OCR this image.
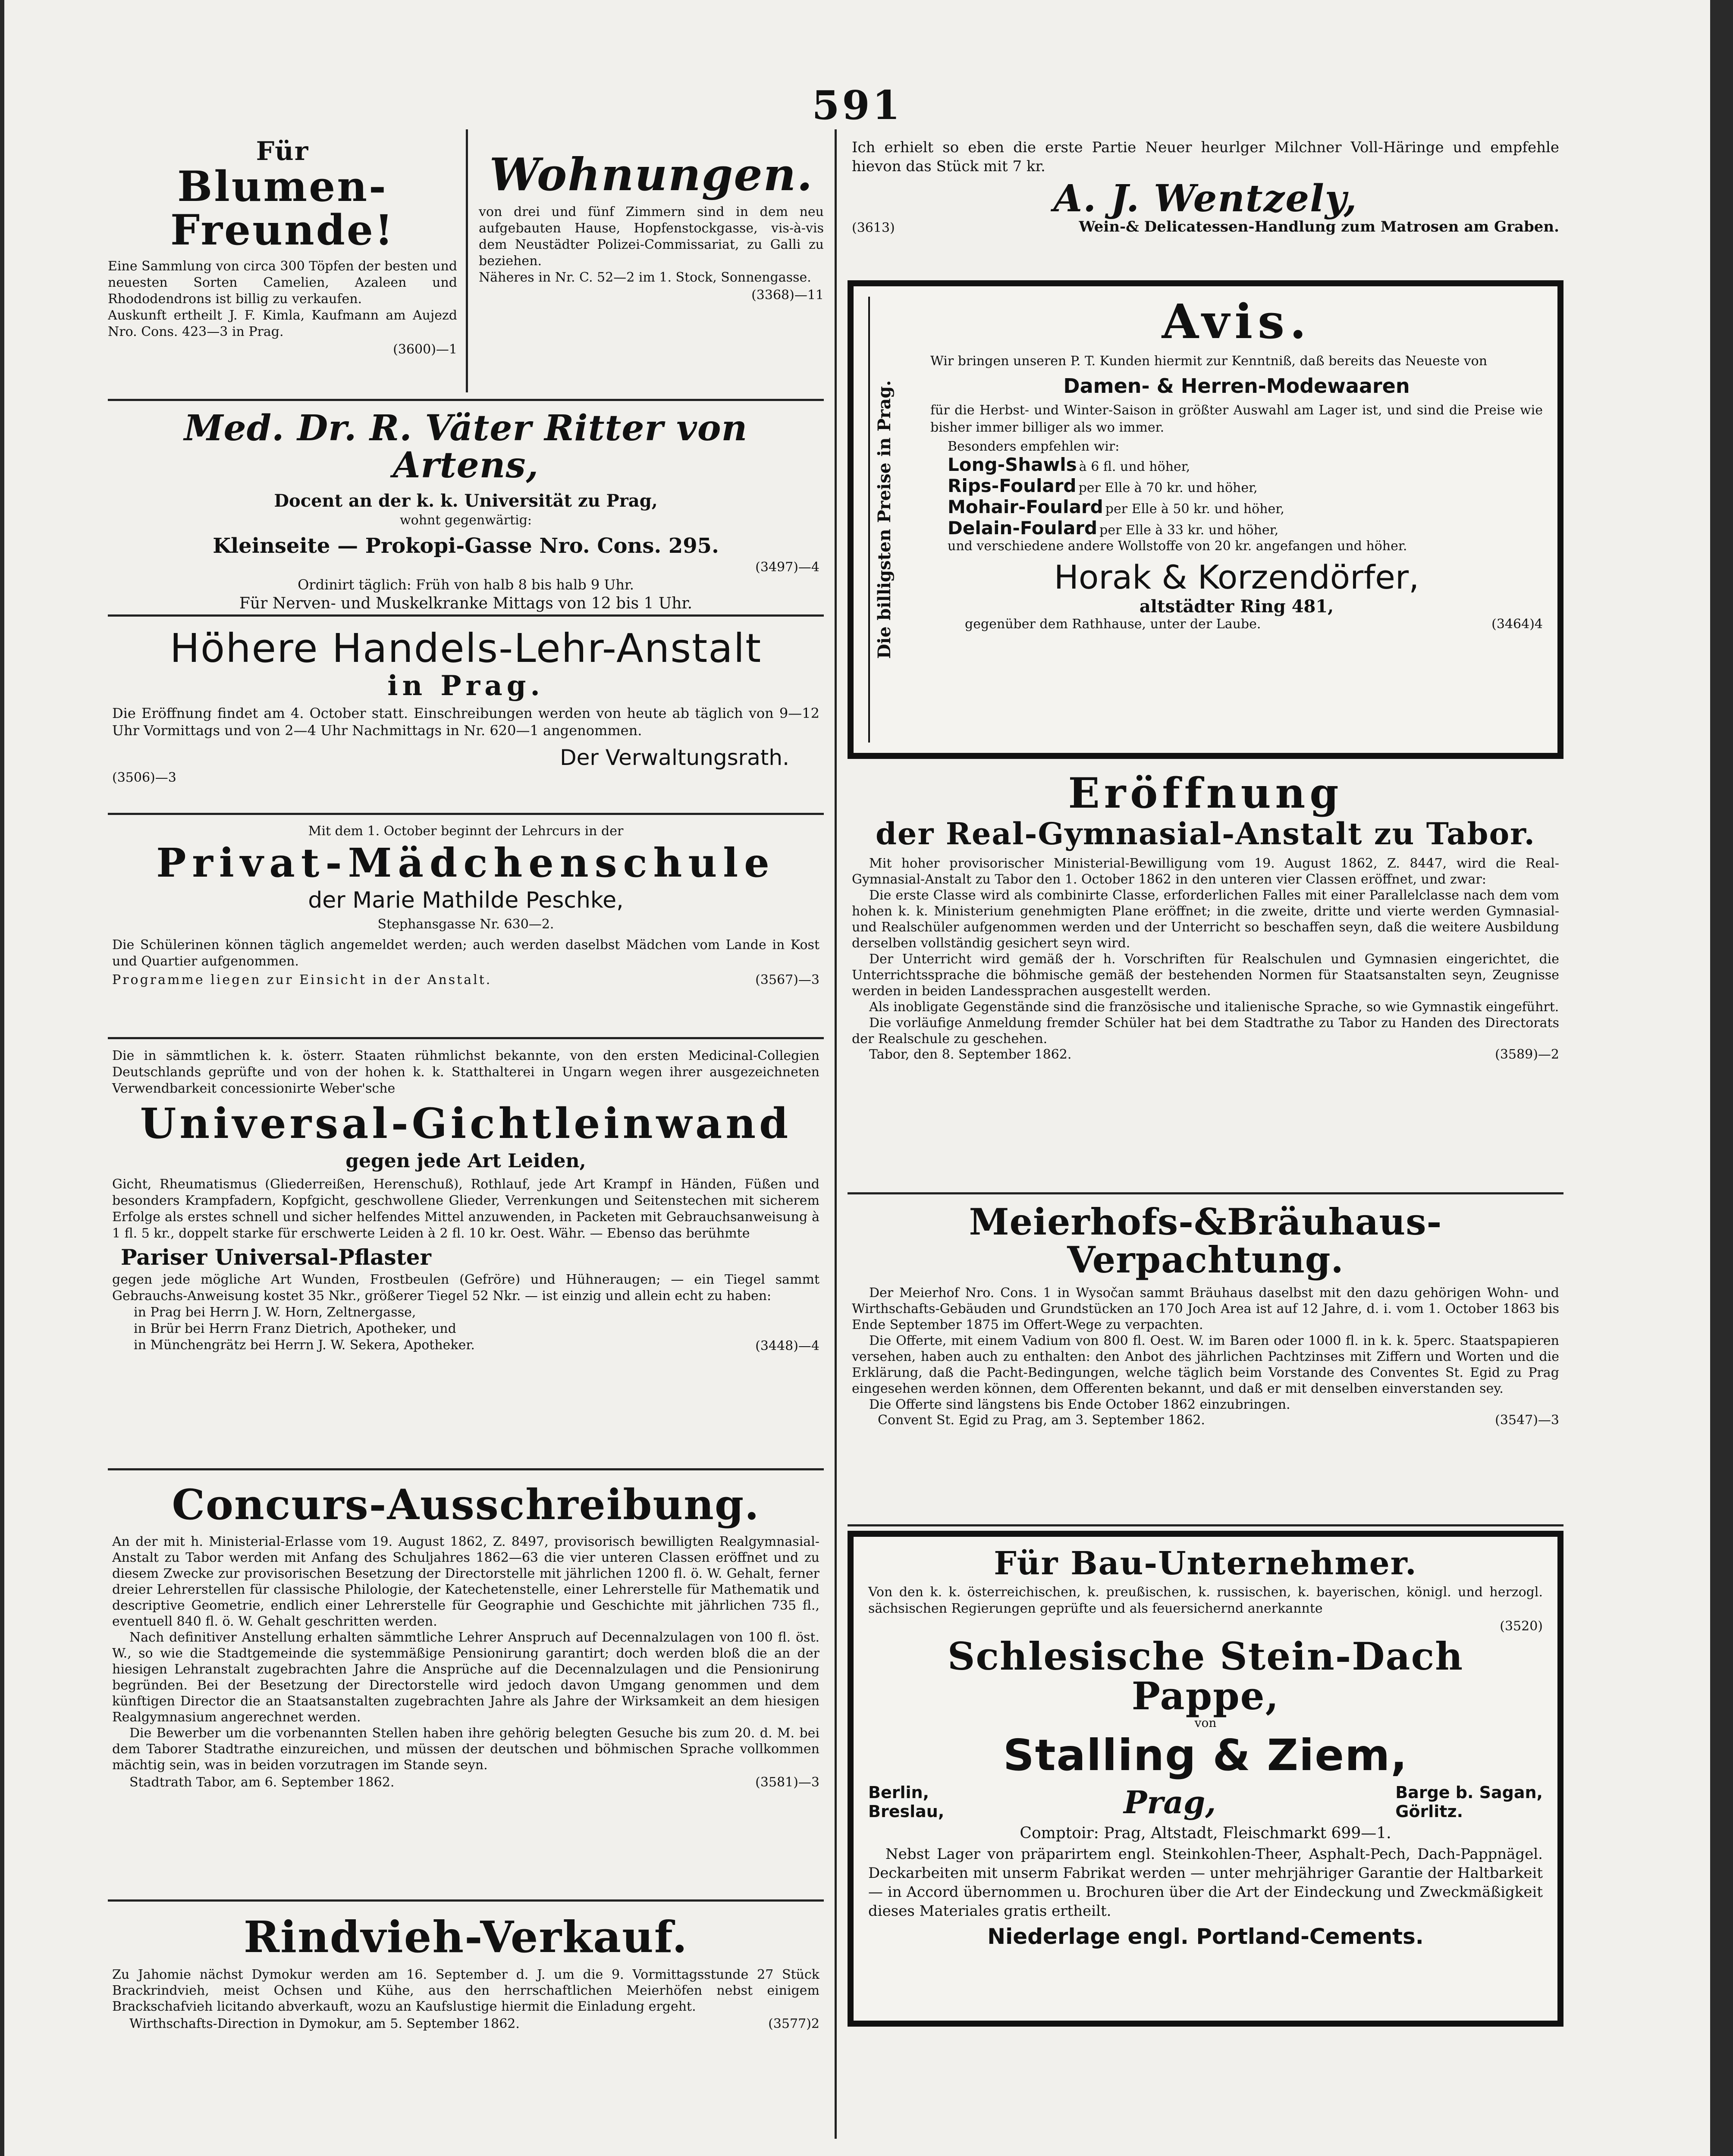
591
Für
Blumen-Freunde!

Eine Sammlung von circa 300 Töpfen der besten und neuesten Sorten Camelien, Azaleen und Rhododendrons ist billig zu verkaufen.

Auskunft ertheilt J. F. Kimla, Kaufmann am Aujezd Nro. Cons. 423—3 in Prag.

(3600)—1
Wohnungen.

von drei und fünf Zimmern sind in dem neu aufgebauten Hause, Hopfenstockgasse, vis-à-vis dem Neustädter Polizei-Commissariat, zu Galli zu beziehen.

Näheres in Nr. C. 52—2 im 1. Stock, Sonnengasse.

(3368)—11
Med. Dr. R. Väter Ritter von Artens,
Docent an der k. k. Universität zu Prag,
wohnt gegenwärtig:
Kleinseite — Prokopi-Gasse Nro. Cons. 295.
(3497)—4
Ordinirt täglich: Früh von halb 8 bis halb 9 Uhr.
Für Nerven- und Muskelkranke Mittags von 12 bis 1 Uhr.
Höhere Handels-Lehr-Anstalt
in Prag.

Die Eröffnung findet am 4. October statt. Einschreibungen werden von heute ab täglich von 9—12 Uhr Vormittags und von 2—4 Uhr Nachmittags in Nr. 620—1 angenommen.

Der Verwaltungsrath.
(3506)—3
Mit dem 1. October beginnt der Lehrcurs in der
Privat-Mädchenschule
der Marie Mathilde Peschke,
Stephansgasse Nr. 630—2.

Die Schülerinen können täglich angemeldet werden; auch werden daselbst Mädchen vom Lande in Kost und Quartier aufgenommen.

Programme liegen zur Einsicht in der Anstalt.	(3567)—3

Die in sämmtlichen k. k. österr. Staaten rühmlichst bekannte, von den ersten Medicinal-Collegien Deutschlands geprüfte und von der hohen k. k. Statthalterei in Ungarn wegen ihrer ausgezeichneten Verwendbarkeit concessionirte Weber'sche

Universal-Gichtleinwand
gegen jede Art Leiden,

Gicht, Rheumatismus (Gliederreißen, Herenschuß), Rothlauf, jede Art Krampf in Händen, Füßen und besonders Krampfadern, Kopfgicht, geschwollene Glieder, Verrenkungen und Seitenstechen mit sicherem Erfolge als erstes schnell und sicher helfendes Mittel anzuwenden, in Packeten mit Gebrauchsanweisung à 1 fl. 5 kr., doppelt starke für erschwerte Leiden à 2 fl. 10 kr. Oest. Währ. — Ebenso das berühmte

Pariser Universal-Pflaster

gegen jede mögliche Art Wunden, Frostbeulen (Gefröre) und Hühneraugen; — ein Tiegel sammt Gebrauchs-Anweisung kostet 35 Nkr., größerer Tiegel 52 Nkr. — ist einzig und allein echt zu haben:

in Prag bei Herrn J. W. Horn, Zeltnergasse,
in Brür bei Herrn Franz Dietrich, Apotheker, und
in Münchengrätz bei Herrn J. W. Sekera, Apotheker.	(3448)—4
Concurs-Ausschreibung.

An der mit h. Ministerial-Erlasse vom 19. August 1862, Z. 8497, provisorisch bewilligten Realgymnasial-Anstalt zu Tabor werden mit Anfang des Schuljahres 1862—63 die vier unteren Classen eröffnet und zu diesem Zwecke zur provisorischen Besetzung der Directorstelle mit jährlichen 1200 fl. ö. W. Gehalt, ferner dreier Lehrerstellen für classische Philologie, der Katechetenstelle, einer Lehrerstelle für Mathematik und descriptive Geometrie, endlich einer Lehrerstelle für Geographie und Geschichte mit jährlichen 735 fl., eventuell 840 fl. ö. W. Gehalt geschritten werden.

Nach definitiver Anstellung erhalten sämmtliche Lehrer Anspruch auf Decennalzulagen von 100 fl. öst. W., so wie die Stadtgemeinde die systemmäßige Pensionirung garantirt; doch werden bloß die an der hiesigen Lehranstalt zugebrachten Jahre die Ansprüche auf die Decennalzulagen und die Pensionirung begründen. Bei der Besetzung der Directorstelle wird jedoch davon Umgang genommen und dem künftigen Director die an Staatsanstalten zugebrachten Jahre als Jahre der Wirksamkeit an dem hiesigen Realgymnasium angerechnet werden.

Die Bewerber um die vorbenannten Stellen haben ihre gehörig belegten Gesuche bis zum 20. d. M. bei dem Taborer Stadtrathe einzureichen, und müssen der deutschen und böhmischen Sprache vollkommen mächtig sein, was in beiden vorzutragen im Stande seyn.

Stadtrath Tabor, am 6. September 1862.	(3581)—3
Rindvieh-Verkauf.

Zu Jahomie nächst Dymokur werden am 16. September d. J. um die 9. Vormittagsstunde 27 Stück Brackrindvieh, meist Ochsen und Kühe, aus den herrschaftlichen Meierhöfen nebst einigem Brackschafvieh licitando abverkauft, wozu an Kaufslustige hiermit die Einladung ergeht.

Wirthschafts-Direction in Dymokur, am 5. September 1862.	(3577)2

Ich erhielt so eben die erste Partie Neuer heurlger Milchner Voll-Häringe und empfehle hievon das Stück mit 7 kr.

A. J. Wentzely,
(3613)	Wein-& Delicatessen-Handlung zum Matrosen am Graben.
Die billigsten Preise in Prag.
Avis.

Wir bringen unseren P. T. Kunden hiermit zur Kenntniß, daß bereits das Neueste von

Damen- & Herren-Modewaaren

für die Herbst- und Winter-Saison in größter Auswahl am Lager ist, und sind die Preise wie bisher immer billiger als wo immer.

Besonders empfehlen wir:
Long-Shawls à 6 fl. und höher,
Rips-Foulard per Elle à 70 kr. und höher,
Mohair-Foulard per Elle à 50 kr. und höher,
Delain-Foulard per Elle à 33 kr. und höher,
und verschiedene andere Wollstoffe von 20 kr. angefangen und höher.
Horak & Korzendörfer,
altstädter Ring 481,
gegenüber dem Rathhause, unter der Laube.	(3464)4
Eröffnung
der Real-Gymnasial-Anstalt zu Tabor.

Mit hoher provisorischer Ministerial-Bewilligung vom 19. August 1862, Z. 8447, wird die Real-Gymnasial-Anstalt zu Tabor den 1. October 1862 in den unteren vier Classen eröffnet, und zwar:

Die erste Classe wird als combinirte Classe, erforderlichen Falles mit einer Parallelclasse nach dem vom hohen k. k. Ministerium genehmigten Plane eröffnet; in die zweite, dritte und vierte werden Gymnasial- und Realschüler aufgenommen werden und der Unterricht so beschaffen seyn, daß die weitere Ausbildung derselben vollständig gesichert seyn wird.

Der Unterricht wird gemäß der h. Vorschriften für Realschulen und Gymnasien eingerichtet, die Unterrichtssprache die böhmische gemäß der bestehenden Normen für Staatsanstalten seyn, Zeugnisse werden in beiden Landessprachen ausgestellt werden.

Als inobligate Gegenstände sind die französische und italienische Sprache, so wie Gymnastik eingeführt.

Die vorläufige Anmeldung fremder Schüler hat bei dem Stadtrathe zu Tabor zu Handen des Directorats der Realschule zu geschehen.

Tabor, den 8. September 1862.	(3589)—2
Meierhofs-&Bräuhaus-Verpachtung.

Der Meierhof Nro. Cons. 1 in Wysočan sammt Bräuhaus daselbst mit den dazu gehörigen Wohn- und Wirthschafts-Gebäuden und Grundstücken an 170 Joch Area ist auf 12 Jahre, d. i. vom 1. October 1863 bis Ende September 1875 im Offert-Wege zu verpachten.

Die Offerte, mit einem Vadium von 800 fl. Oest. W. im Baren oder 1000 fl. in k. k. 5perc. Staatspapieren versehen, haben auch zu enthalten: den Anbot des jährlichen Pachtzinses mit Ziffern und Worten und die Erklärung, daß die Pacht-Bedingungen, welche täglich beim Vorstande des Conventes St. Egid zu Prag eingesehen werden können, dem Offerenten bekannt, und daß er mit denselben einverstanden sey.

Die Offerte sind längstens bis Ende October 1862 einzubringen.

Convent St. Egid zu Prag, am 3. September 1862.	(3547)—3
Für Bau-Unternehmer.

Von den k. k. österreichischen, k. preußischen, k. russischen, k. bayerischen, königl. und herzogl. sächsischen Regierungen geprüfte und als feuersichernd anerkannte

(3520)
Schlesische Stein-Dach Pappe,
von
Stalling & Ziem,
Berlin,
Breslau,	Prag,	Barge b. Sagan,
Görlitz.
Comptoir: Prag, Altstadt, Fleischmarkt 699—1.

Nebst Lager von präparirtem engl. Steinkohlen-Theer, Asphalt-Pech, Dach-Pappnägel. Deckarbeiten mit unserm Fabrikat werden — unter mehrjähriger Garantie der Haltbarkeit — in Accord übernommen u. Brochuren über die Art der Eindeckung und Zweckmäßigkeit dieses Materiales gratis ertheilt.

Niederlage engl. Portland-Cements.
